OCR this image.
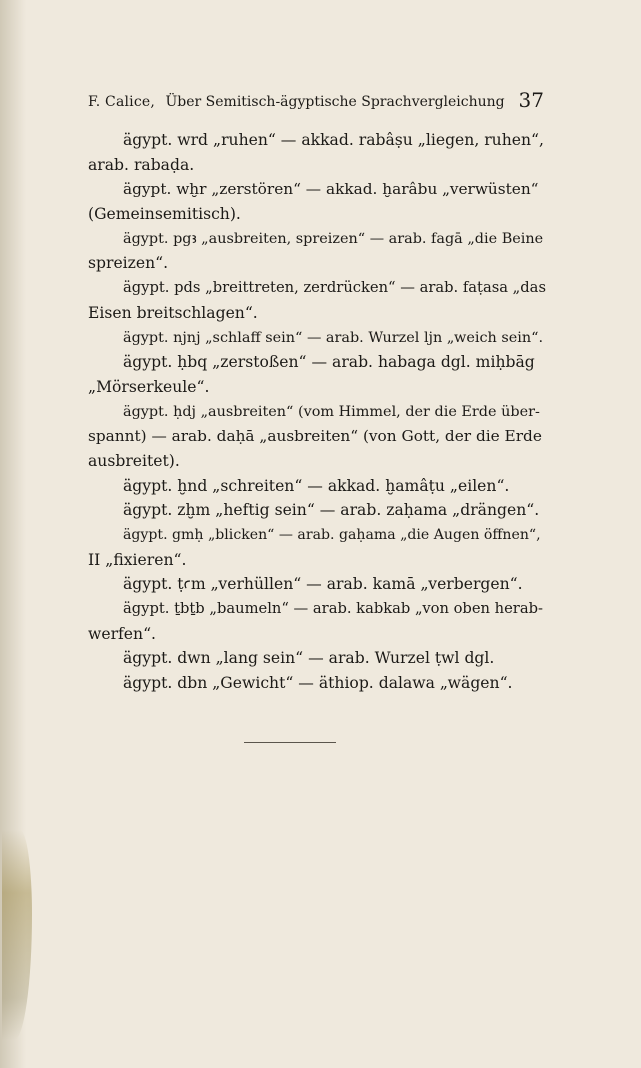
F. Calice, Über Semitisch-ägyptische Sprachvergleichung 37
ägypt. wrd „ruhen“ — akkad. rabâṣu „liegen, ruhen“,
arab. rabaḍa.
ägypt. wḫr „zerstören“ — akkad. ḫarâbu „verwüsten“
(Gemeinsemitisch).
ägypt. pgꜣ „ausbreiten, spreizen“ — arab. fagā „die Beine
spreizen“.
ägypt. pds „breittreten, zerdrücken“ — arab. faṭasa „das
Eisen breitschlagen“.
ägypt. njnj „schlaff sein“ — arab. Wurzel ljn „weich sein“.
ägypt. ḥbq „zerstoßen“ — arab. habaga dgl. miḥbāg
„Mörserkeule“.
ägypt. ḥdj „ausbreiten“ (vom Himmel, der die Erde über-
spannt) — arab. daḥā „ausbreiten“ (von Gott, der die Erde
ausbreitet).
ägypt. ḫnd „schreiten“ — akkad. ḫamâṭu „eilen“.
ägypt. zḫm „heftig sein“ — arab. zaḥama „drängen“.
ägypt. gmḥ „blicken“ — arab. gaḥama „die Augen öffnen“,
II „fixieren“.
ägypt. ṭꜥm „verhüllen“ — arab. kamā „verbergen“.
ägypt. ṯbṯb „baumeln“ — arab. kabkab „von oben herab-
werfen“.
ägypt. dwn „lang sein“ — arab. Wurzel ṭwl dgl.
ägypt. dbn „Gewicht“ — äthiop. dalawa „wägen“.
